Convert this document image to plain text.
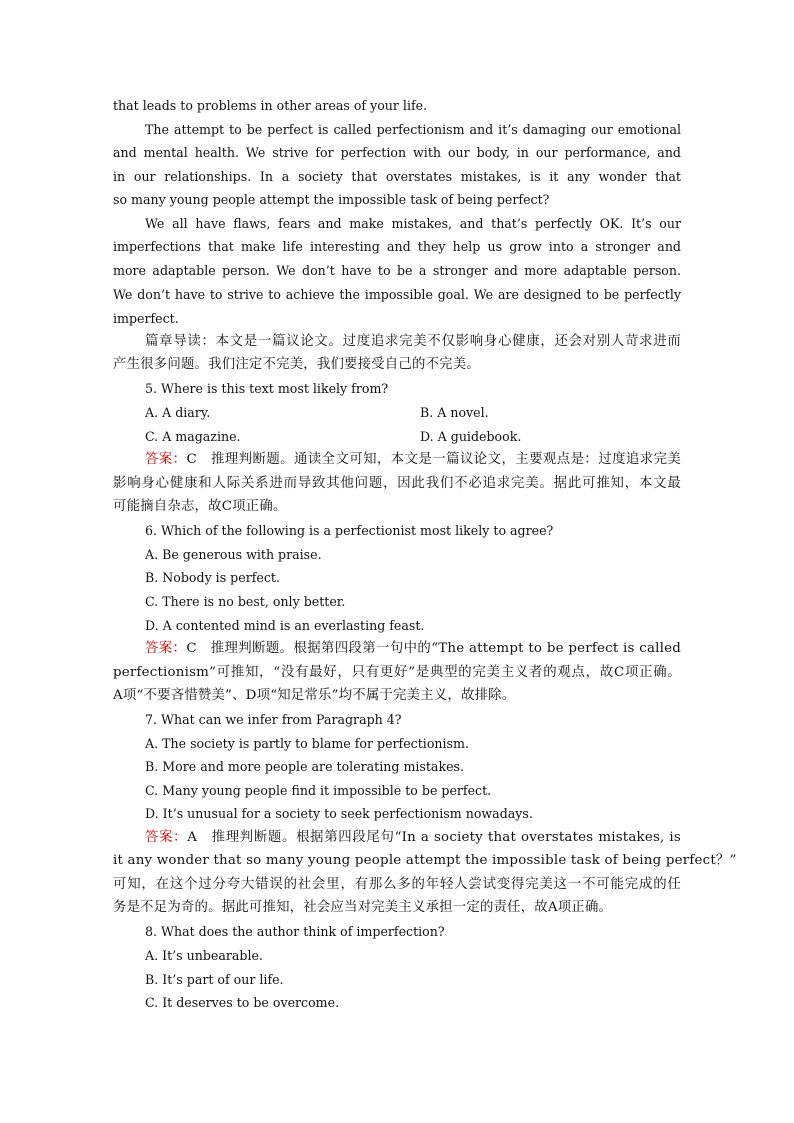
that leads to problems in other areas of your life.
The attempt to be perfect is called perfectionism and it’s damaging our emotional
and mental health. We strive for perfection with our body, in our performance, and
in our relationships. In a society that overstates mistakes, is it any wonder that
so many young people attempt the impossible task of being perfect?
We all have flaws, fears and make mistakes, and that’s perfectly OK. It’s our
imperfections that make life interesting and they help us grow into a stronger and
more adaptable person. We don’t have to be a stronger and more adaptable person.
We don’t have to strive to achieve the impossible goal. We are designed to be perfectly
imperfect.
篇章导读：本文是一篇议论文。过度追求完美不仅影响身心健康，还会对别人苛求进而
产生很多问题。我们注定不完美，我们要接受自己的不完美。
5. Where is this text most likely from?
A. A diary.	B. A novel.
C. A magazine.	D. A guidebook.
答案：C　推理判断题。通读全文可知，本文是一篇议论文，主要观点是：过度追求完美
影响身心健康和人际关系进而导致其他问题，因此我们不必追求完美。据此可推知，本文最
可能摘自杂志，故C项正确。
6. Which of the following is a perfectionist most likely to agree?
A. Be generous with praise.
B. Nobody is perfect.
C. There is no best, only better.
D. A contented mind is an everlasting feast.
答案：C　推理判断题。根据第四段第一句中的“The attempt to be perfect is called
perfectionism”可推知，“没有最好，只有更好”是典型的完美主义者的观点，故C项正确。
A项“不要吝惜赞美”、D项“知足常乐”均不属于完美主义，故排除。
7. What can we infer from Paragraph 4?
A. The society is partly to blame for perfectionism.
B. More and more people are tolerating mistakes.
C. Many young people find it impossible to be perfect.
D. It’s unusual for a society to seek perfectionism nowadays.
答案：A　推理判断题。根据第四段尾句“In a society that overstates mistakes, is
it any wonder that so many young people attempt the impossible task of being perfect？”
可知，在这个过分夸大错误的社会里，有那么多的年轻人尝试变得完美这一不可能完成的任
务是不足为奇的。据此可推知，社会应当对完美主义承担一定的责任，故A项正确。
8. What does the author think of imperfection?
A. It’s unbearable.
B. It’s part of our life.
C. It deserves to be overcome.
